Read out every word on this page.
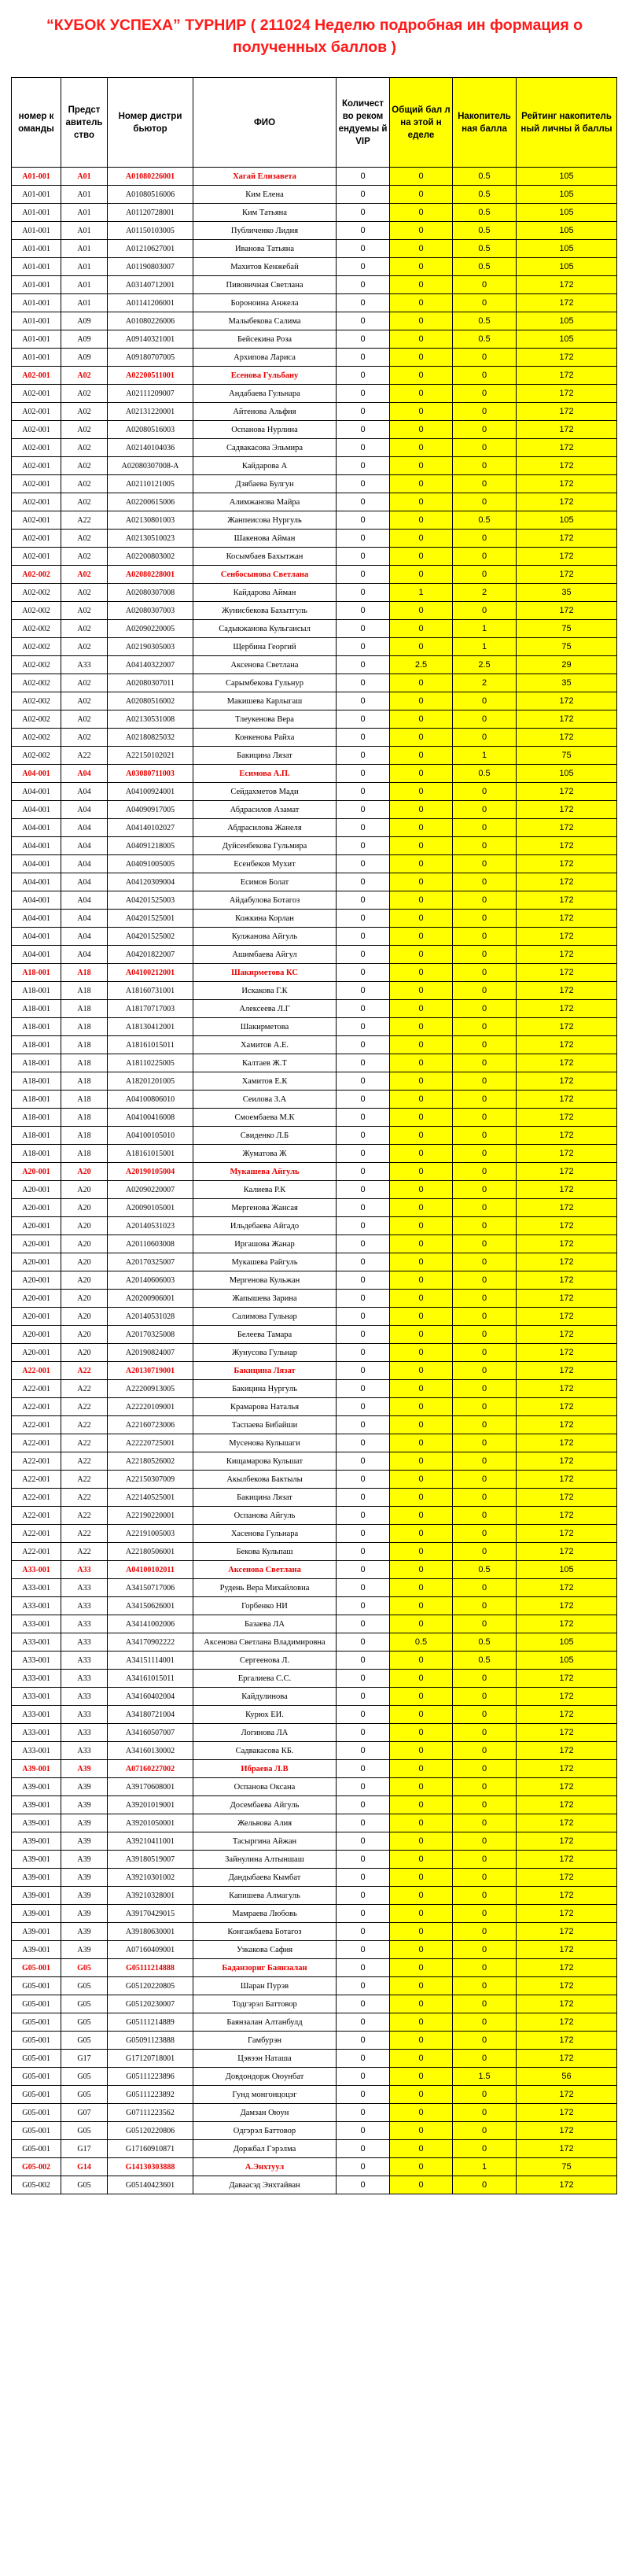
“КУБОК УСПЕХА” ТУРНИР ( 211024 Неделю подробная ин формация о полученных баллов )
номер к оманды	Предст авитель ство	Номер дистри бьютор	ФИО	Количест во реком ендуемы й VIP	Общий бал л на этой н еделе	Накопитель ная балла	Рейтинг накопитель ный личны й баллы
A01-001	A01	A01080226001	Хагай Елизавета	0	0	0.5	105
A01-001	A01	A01080516006	Ким Елена	0	0	0.5	105
A01-001	A01	A01120728001	Ким Татьяна	0	0	0.5	105
A01-001	A01	A01150103005	Публиченко Лидия	0	0	0.5	105
A01-001	A01	A01210627001	Иванова Татьяна	0	0	0.5	105
A01-001	A01	A01190803007	Махитов Кенжебай	0	0	0.5	105
A01-001	A01	A03140712001	Пивовичная Светлана	0	0	0	172
A01-001	A01	A01141206001	Бороноина Анжела	0	0	0	172
A01-001	A09	A01080226006	Малыбекова Салима	0	0	0.5	105
A01-001	A09	A09140321001	Бейсекина Роза	0	0	0.5	105
A01-001	A09	A09180707005	Архипова Лариса	0	0	0	172
A02-001	A02	A02200511001	Есенова Гульбану	0	0	0	172
A02-001	A02	A02111209007	Андабаева Гульнара	0	0	0	172
A02-001	A02	A02131220001	Айтенова Альфия	0	0	0	172
A02-001	A02	A02080516003	Оспанова Нурлина	0	0	0	172
A02-001	A02	A02140104036	Садвакасова Эльмира	0	0	0	172
A02-001	A02	A02080307008-A	Кайдарова А	0	0	0	172
A02-001	A02	A02110121005	Дзябаева Булгун	0	0	0	172
A02-001	A02	A02200615006	Алимжанова Майра	0	0	0	172
A02-001	A22	A02130801003	Жанпеисова Нургуль	0	0	0.5	105
A02-001	A02	A02130510023	Шакенова Айман	0	0	0	172
A02-001	A02	A02200803002	Косымбаев Бахытжан	0	0	0	172
A02-002	A02	A02080228001	Сенбосынова Светлана	0	0	0	172
A02-002	A02	A02080307008	Кайдарова Айман	0	1	2	35
A02-002	A02	A02080307003	Жунисбекова Бахытгуль	0	0	0	172
A02-002	A02	A02090220005	Садыкжанова Кульгаисыл	0	0	1	75
A02-002	A02	A02190305003	Щербина Георгий	0	0	1	75
A02-002	A33	A04140322007	Аксенова Светлана	0	2.5	2.5	29
A02-002	A02	A02080307011	Сарымбекова Гульнур	0	0	2	35
A02-002	A02	A02080516002	Макишева Карлыгаш	0	0	0	172
A02-002	A02	A02130531008	Тлеукенова Вера	0	0	0	172
A02-002	A02	A02180825032	Конкенова Райха	0	0	0	172
A02-002	A22	A22150102021	Бакицина Лязат	0	0	1	75
A04-001	A04	A03080711003	Есимова А.П.	0	0	0.5	105
A04-001	A04	A04100924001	Сейдахметов Мади	0	0	0	172
A04-001	A04	A04090917005	Абдрасилов Азамат	0	0	0	172
A04-001	A04	A04140102027	Абдрасилова Жанеля	0	0	0	172
A04-001	A04	A04091218005	Дуйсенбекова Гульмира	0	0	0	172
A04-001	A04	A04091005005	Есенбеков Мухит	0	0	0	172
A04-001	A04	A04120309004	Есимов Болат	0	0	0	172
A04-001	A04	A04201525003	Айдабулова Ботагоз	0	0	0	172
A04-001	A04	A04201525001	Кожкина Корлан	0	0	0	172
A04-001	A04	A04201525002	Кулжанова Айгуль	0	0	0	172
A04-001	A04	A04201822007	Ашимбаева Айгул	0	0	0	172
A18-001	A18	A04100212001	Шакирметова КС	0	0	0	172
A18-001	A18	A18160731001	Искакова Г.К	0	0	0	172
A18-001	A18	A18170717003	Алексеева Л.Г	0	0	0	172
A18-001	A18	A18130412001	Шакирметова	0	0	0	172
A18-001	A18	A18161015011	Хамитов А.Е.	0	0	0	172
A18-001	A18	A18110225005	Калтаев Ж.Т	0	0	0	172
A18-001	A18	A18201201005	Хамитов Е.К	0	0	0	172
A18-001	A18	A04100806010	Сеилова З.А	0	0	0	172
A18-001	A18	A04100416008	Смоембаева М.К	0	0	0	172
A18-001	A18	A04100105010	Свиденко Л.Б	0	0	0	172
A18-001	A18	A18161015001	Жуматова Ж	0	0	0	172
A20-001	A20	A20190105004	Мукашева Айгуль	0	0	0	172
A20-001	A20	A02090220007	Калиева Р.К	0	0	0	172
A20-001	A20	A20090105001	Мергенова Жансая	0	0	0	172
A20-001	A20	A20140531023	Ильдебаева Айгадо	0	0	0	172
A20-001	A20	A20110603008	Иргашова Жанар	0	0	0	172
A20-001	A20	A20170325007	Мукашева Райгуль	0	0	0	172
A20-001	A20	A20140606003	Мергенова Кульжан	0	0	0	172
A20-001	A20	A20200906001	Жапышева Зарина	0	0	0	172
A20-001	A20	A20140531028	Салимова Гульнар	0	0	0	172
A20-001	A20	A20170325008	Белеева Тамара	0	0	0	172
A20-001	A20	A20190824007	Жунусова Гульнар	0	0	0	172
A22-001	A22	A20130719001	Бакицина Лязат	0	0	0	172
A22-001	A22	A22200913005	Бакицина Нургуль	0	0	0	172
A22-001	A22	A22220109001	Крамарова Наталья	0	0	0	172
A22-001	A22	A22160723006	Таспаева Бибайши	0	0	0	172
A22-001	A22	A22220725001	Мусенова Кульшаги	0	0	0	172
A22-001	A22	A22180526002	Кищамарова Кульшат	0	0	0	172
A22-001	A22	A22150307009	Акылбекова Бактылы	0	0	0	172
A22-001	A22	A22140525001	Бакицина Лязат	0	0	0	172
A22-001	A22	A22190220001	Оспанова Айгуль	0	0	0	172
A22-001	A22	A22191005003	Хасенова Гульнара	0	0	0	172
A22-001	A22	A22180506001	Бекова Кульпаш	0	0	0	172
A33-001	A33	A04100102011	Аксенова Светлана	0	0	0.5	105
A33-001	A33	A34150717006	Рудень Вера Михайловна	0	0	0	172
A33-001	A33	A34150626001	Горбенко НИ	0	0	0	172
A33-001	A33	A34141002006	Базаева ЛА	0	0	0	172
A33-001	A33	A34170902222	Аксенова Светлана Владимировна	0	0.5	0.5	105
A33-001	A33	A34151114001	Сергеенова Л.	0	0	0.5	105
A33-001	A33	A34161015011	Ергалиева С.С.	0	0	0	172
A33-001	A33	A34160402004	Кайдулинова	0	0	0	172
A33-001	A33	A34180721004	Курюх ЕИ.	0	0	0	172
A33-001	A33	A34160507007	Логинова ЛА	0	0	0	172
A33-001	A33	A34160130002	Садвакасова КБ.	0	0	0	172
A39-001	A39	A07160227002	Ибраева Л.В	0	0	0	172
A39-001	A39	A39170608001	Оспанова Оксана	0	0	0	172
A39-001	A39	A39201019001	Досембаева Айгуль	0	0	0	172
A39-001	A39	A39201050001	Жельвова Алия	0	0	0	172
A39-001	A39	A39210411001	Тасыргина Айжан	0	0	0	172
A39-001	A39	A39180519007	Зайнулина Алтыншаш	0	0	0	172
A39-001	A39	A39210301002	Дандыбаева Кымбат	0	0	0	172
A39-001	A39	A39210328001	Капишева Алмагуль	0	0	0	172
A39-001	A39	A39170429015	Мамраева Любовь	0	0	0	172
A39-001	A39	A39180630001	Конгажбаева Ботагоз	0	0	0	172
A39-001	A39	A07160409001	Узкакова Сафия	0	0	0	172
G05-001	G05	G05111214888	Баданзориг Баянзалан	0	0	0	172
G05-001	G05	G05120220805	Шаран Пурэв	0	0	0	172
G05-001	G05	G05120230007	Тодгэрэл Баттовор	0	0	0	172
G05-001	G05	G05111214889	Баянзалан Алтанбулд	0	0	0	172
G05-001	G05	G05091123888	Гамбурэн	0	0	0	172
G05-001	G17	G17120718001	Цэвээн Наташа	0	0	0	172
G05-001	G05	G05111223896	Довдондорж Оюунбат	0	0	1.5	56
G05-001	G05	G05111223892	Гунд монгонцоцэг	0	0	0	172
G05-001	G07	G07111223562	Дамзан Оюун	0	0	0	172
G05-001	G05	G05120220806	Одгэрэл Баттовор	0	0	0	172
G05-001	G17	G17160910871	Доржбал Гэрэлма	0	0	0	172
G05-002	G14	G14130303888	А.Энхтуул	0	0	1	75
G05-002	G05	G05140423601	Даваасэд Энхтайван	0	0	0	172
